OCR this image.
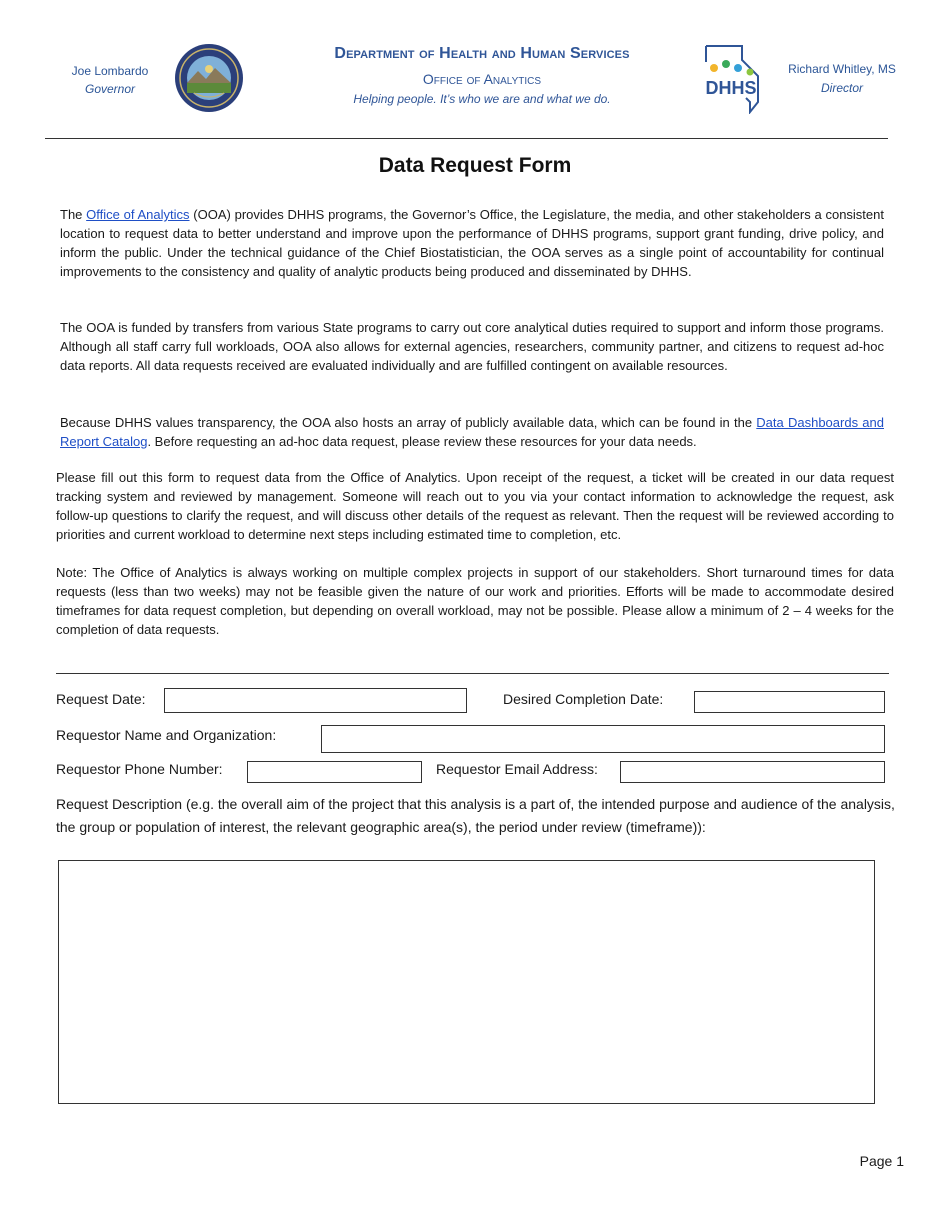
Joe Lombardo
Governor
Department of Health and Human Services
Office of Analytics
Helping people. It’s who we are and what we do.
DHHS
Richard Whitley, MS
Director
Data Request Form

The Office of Analytics (OOA) provides DHHS programs, the Governor’s Office, the Legislature, the media, and other stakeholders a consistent location to request data to better understand and improve upon the performance of DHHS programs, support grant funding, drive policy, and inform the public. Under the technical guidance of the Chief Biostatistician, the OOA serves as a single point of accountability for continual improvements to the consistency and quality of analytic products being produced and disseminated by DHHS.

The OOA is funded by transfers from various State programs to carry out core analytical duties required to support and inform those programs. Although all staff carry full workloads, OOA also allows for external agencies, researchers, community partner, and citizens to request ad-hoc data reports. All data requests received are evaluated individually and are fulfilled contingent on available resources.

Because DHHS values transparency, the OOA also hosts an array of publicly available data, which can be found in the Data Dashboards and Report Catalog. Before requesting an ad-hoc data request, please review these resources for your data needs.

Please fill out this form to request data from the Office of Analytics. Upon receipt of the request, a ticket will be created in our data request tracking system and reviewed by management. Someone will reach out to you via your contact information to acknowledge the request, ask follow-up questions to clarify the request, and will discuss other details of the request as relevant. Then the request will be reviewed according to priorities and current workload to determine next steps including estimated time to completion, etc.

Note: The Office of Analytics is always working on multiple complex projects in support of our stakeholders. Short turnaround times for data requests (less than two weeks) may not be feasible given the nature of our work and priorities. Efforts will be made to accommodate desired timeframes for data request completion, but depending on overall workload, may not be possible. Please allow a minimum of 2 – 4 weeks for the completion of data requests.

Request Date:	Desired Completion Date:
Requestor Name and Organization:
Requestor Phone Number:	Requestor Email Address:

Request Description (e.g. the overall aim of the project that this analysis is a part of, the intended purpose and audience of the analysis, the group or population of interest, the relevant geographic area(s), the period under review (timeframe)):

Page 1
